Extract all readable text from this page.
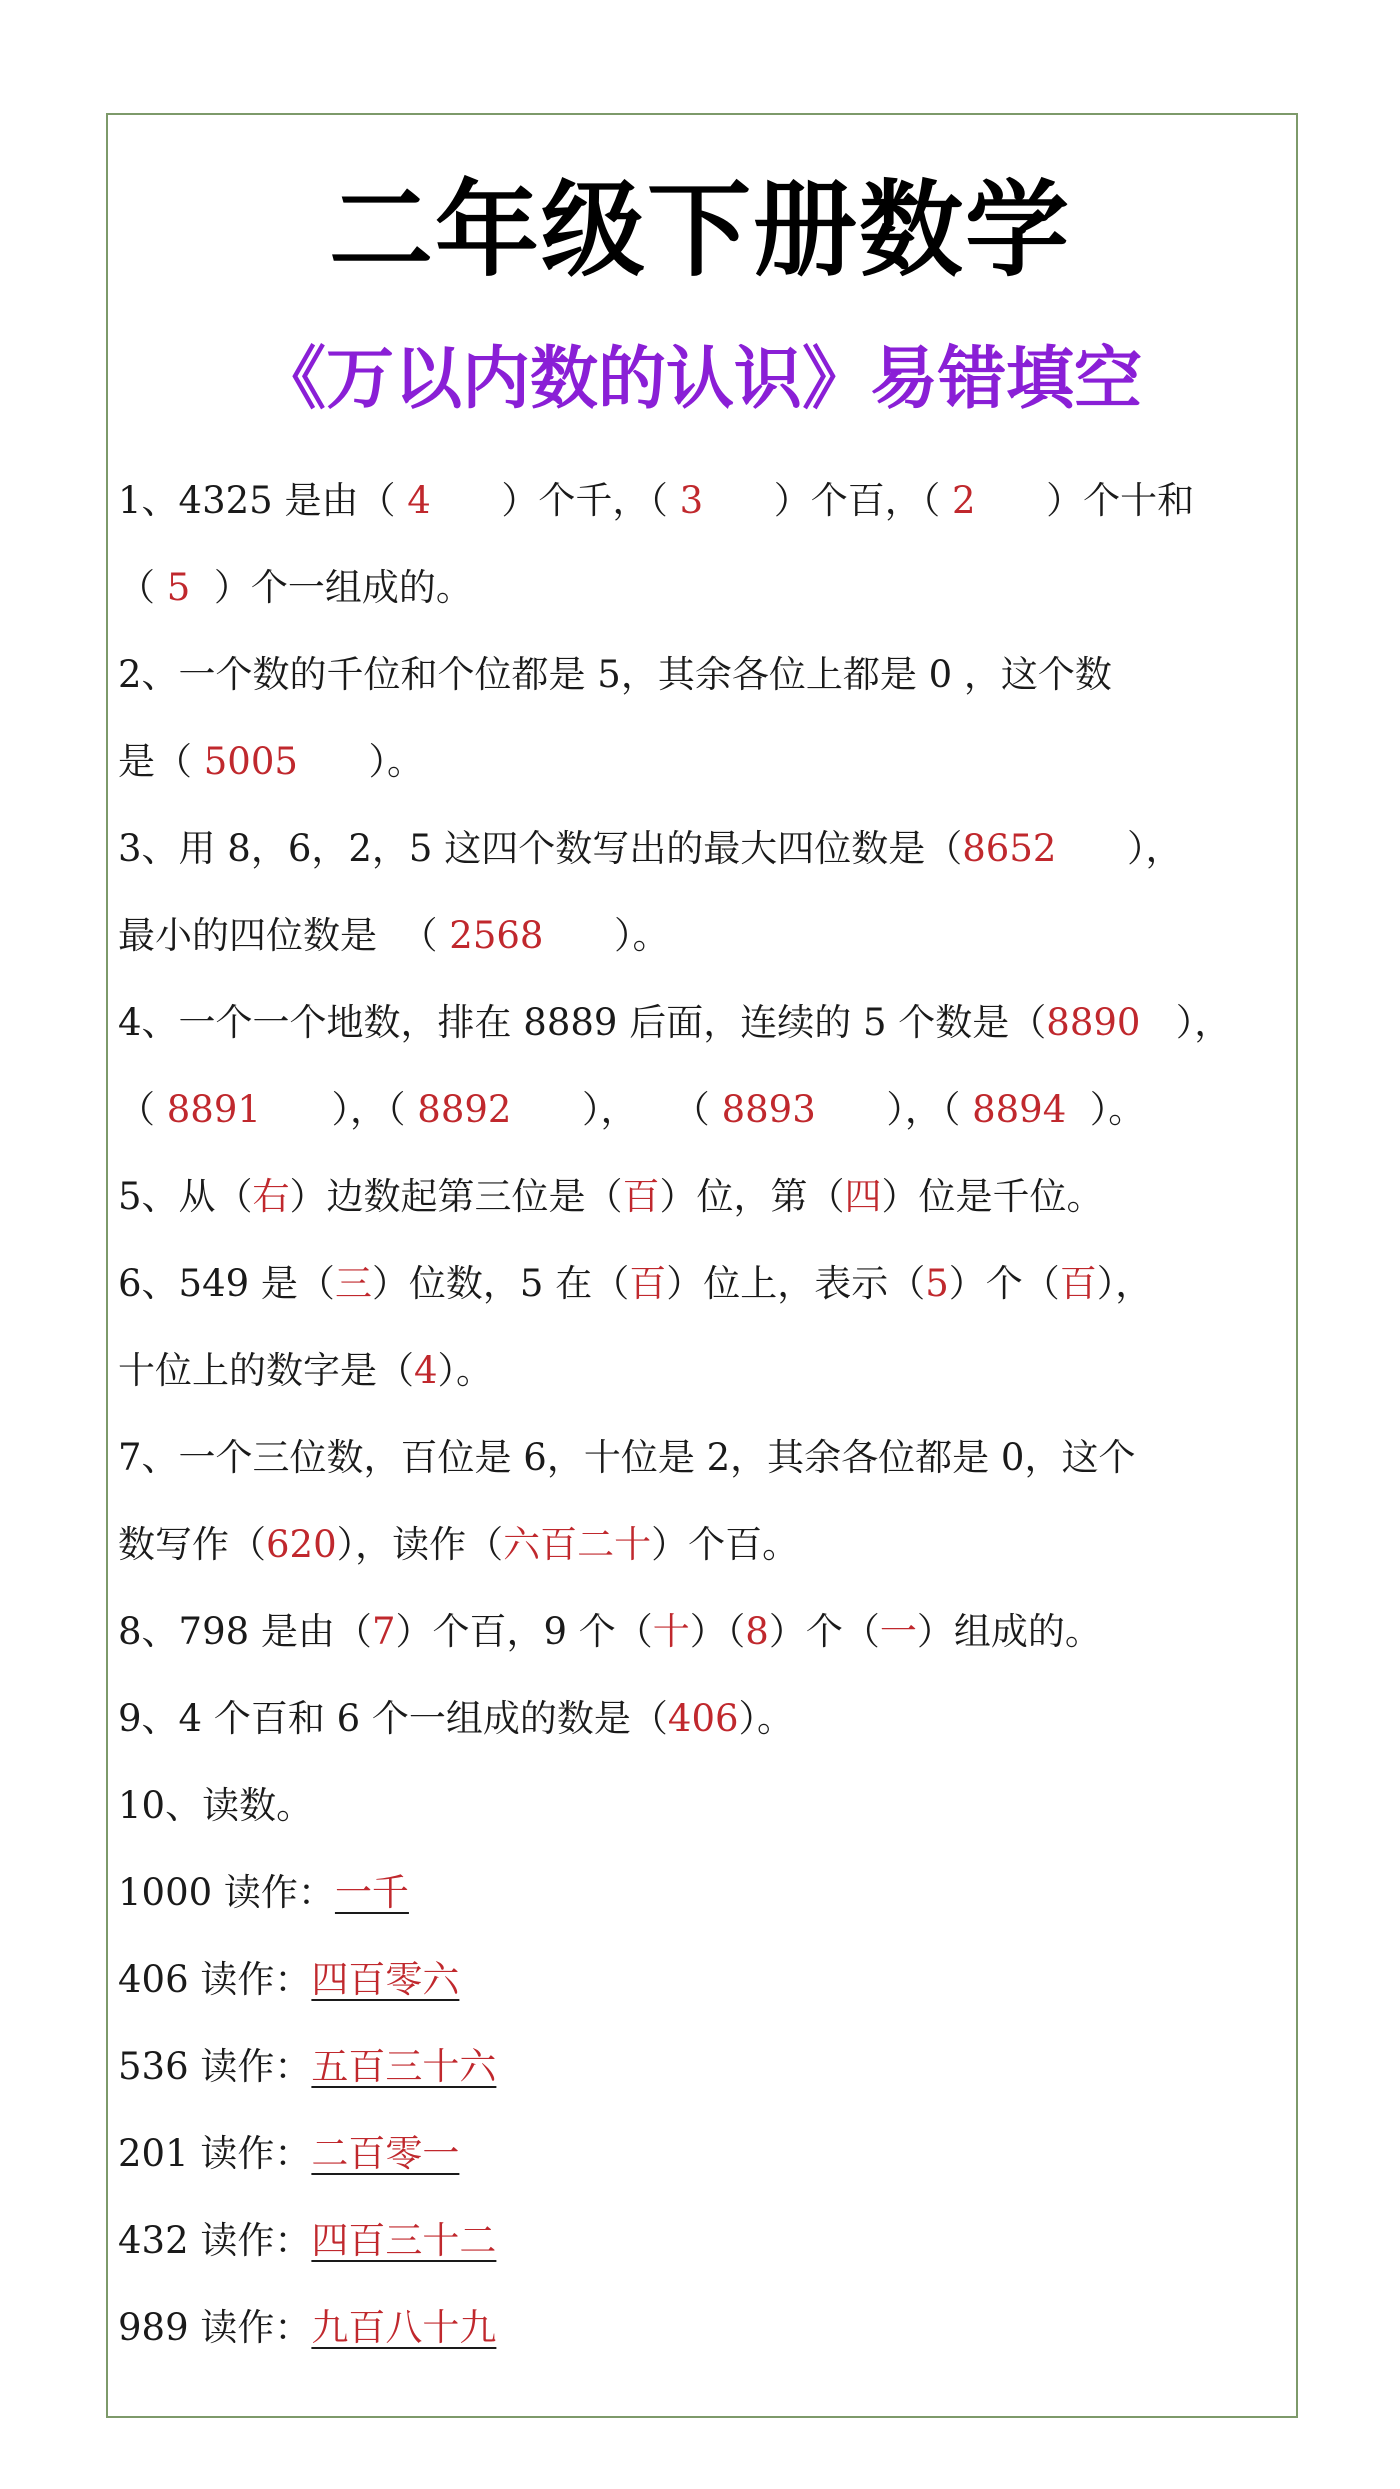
二年级下册数学
《万以内数的认识》易错填空
1、4325 是由（ 4      ）个千，（ 3      ）个百，（ 2      ）个十和
（ 5  ）个一组成的。
2、一个数的千位和个位都是 5，其余各位上都是 0 ，这个数
是（ 5005      ）。
3、用 8，6，2，5 这四个数写出的最大四位数是（8652      ），
最小的四位数是  （ 2568      ）。
4、一个一个地数，排在 8889 后面，连续的 5 个数是（8890   ），
（ 8891      ），（ 8892      ），   （ 8893      ），（ 8894  ）。
5、从（右）边数起第三位是（百）位，第（四）位是千位。
6、549 是（三）位数，5 在（百）位上，表示（5）个（百），
十位上的数字是（4）。
7、一个三位数，百位是 6，十位是 2，其余各位都是 0，这个
数写作（620），读作（六百二十）个百。
8、798 是由（7）个百，9 个（十）（8）个（一）组成的。
9、4 个百和 6 个一组成的数是（406）。
10、读数。
1000 读作：一千
406 读作：四百零六
536 读作：五百三十六
201 读作：二百零一
432 读作：四百三十二
989 读作：九百八十九
